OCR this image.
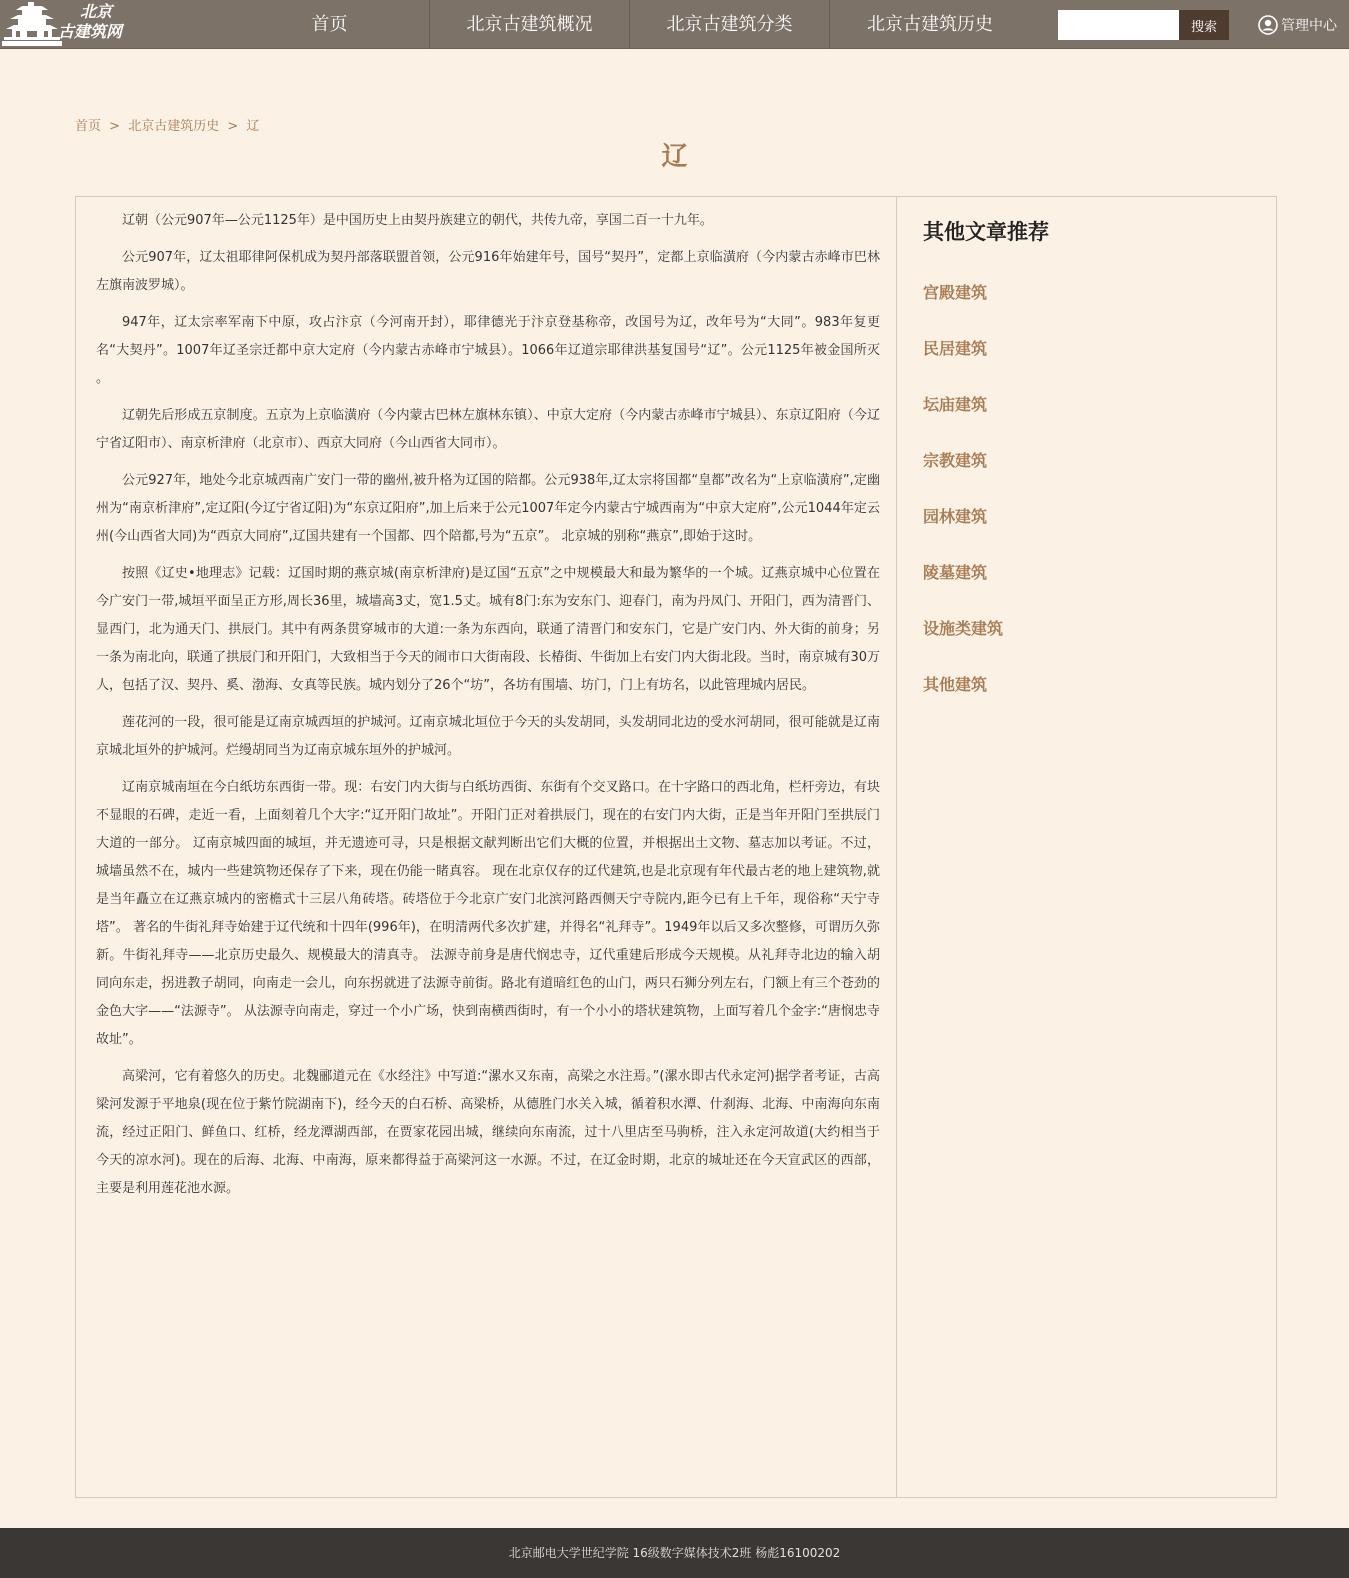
北京
古建筑网	首页	北京古建筑概况	北京古建筑分类	北京古建筑历史	搜索	管理中心
首页 > 北京古建筑历史 > 辽
辽

辽朝（公元907年—公元1125年）是中国历史上由契丹族建立的朝代，共传九帝，享国二百一十九年。

公元907年，辽太祖耶律阿保机成为契丹部落联盟首领，公元916年始建年号，国号“契丹”，定都上京临潢府（今内蒙古赤峰市巴林左旗南波罗城）。

947年，辽太宗率军南下中原，攻占汴京（今河南开封），耶律德光于汴京登基称帝，改国号为辽，改年号为“大同”。983年复更名“大契丹”。1007年辽圣宗迁都中京大定府（今内蒙古赤峰市宁城县）。1066年辽道宗耶律洪基复国号“辽”。公元1125年被金国所灭 。

辽朝先后形成五京制度。五京为上京临潢府（今内蒙古巴林左旗林东镇）、中京大定府（今内蒙古赤峰市宁城县）、东京辽阳府（今辽宁省辽阳市）、南京析津府（北京市）、西京大同府（今山西省大同市）。

公元927年，地处今北京城西南广安门一带的幽州,被升格为辽国的陪都。公元938年,辽太宗将国都“皇都”改名为“上京临潢府”,定幽州为“南京析津府”,定辽阳(今辽宁省辽阳)为“东京辽阳府”,加上后来于公元1007年定今内蒙古宁城西南为“中京大定府”,公元1044年定云州(今山西省大同)为“西京大同府”,辽国共建有一个国都、四个陪都,号为“五京”。 北京城的别称“燕京”,即始于这时。

按照《辽史•地理志》记载：辽国时期的燕京城(南京析津府)是辽国“五京”之中规模最大和最为繁华的一个城。辽燕京城中心位置在今广安门一带,城垣平面呈正方形,周长36里，城墙高3丈，宽1.5丈。城有8门:东为安东门、迎春门，南为丹凤门、开阳门，西为清晋门、显西门，北为通天门、拱辰门。其中有两条贯穿城市的大道:一条为东西向，联通了清晋门和安东门，它是广安门内、外大街的前身；另一条为南北向，联通了拱辰门和开阳门，大致相当于今天的闹市口大街南段、长椿街、牛街加上右安门内大街北段。当时，南京城有30万人，包括了汉、契丹、奚、渤海、女真等民族。城内划分了26个“坊”，各坊有围墙、坊门，门上有坊名，以此管理城内居民。

莲花河的一段，很可能是辽南京城西垣的护城河。辽南京城北垣位于今天的头发胡同，头发胡同北边的受水河胡同，很可能就是辽南京城北垣外的护城河。烂缦胡同当为辽南京城东垣外的护城河。

辽南京城南垣在今白纸坊东西街一带。现：右安门内大街与白纸坊西街、东街有个交叉路口。在十字路口的西北角，栏杆旁边，有块不显眼的石碑，走近一看，上面刻着几个大字:“辽开阳门故址”。开阳门正对着拱辰门，现在的右安门内大街，正是当年开阳门至拱辰门大道的一部分。 辽南京城四面的城垣，并无遗迹可寻，只是根据文献判断出它们大概的位置，并根据出土文物、墓志加以考证。不过，城墙虽然不在，城内一些建筑物还保存了下来，现在仍能一睹真容。 现在北京仅存的辽代建筑,也是北京现有年代最古老的地上建筑物,就是当年矗立在辽燕京城内的密檐式十三层八角砖塔。砖塔位于今北京广安门北滨河路西侧天宁寺院内,距今已有上千年，现俗称“天宁寺塔”。 著名的牛街礼拜寺始建于辽代统和十四年(996年)，在明清两代多次扩建，并得名“礼拜寺”。1949年以后又多次整修，可谓历久弥新。牛街礼拜寺——北京历史最久、规模最大的清真寺。 法源寺前身是唐代悯忠寺，辽代重建后形成今天规模。从礼拜寺北边的输入胡同向东走，拐进教子胡同，向南走一会儿，向东拐就进了法源寺前街。路北有道暗红色的山门，两只石狮分列左右，门额上有三个苍劲的金色大字——“法源寺”。 从法源寺向南走，穿过一个小广场，快到南横西街时，有一个小小的塔状建筑物，上面写着几个金字:“唐悯忠寺故址”。

高梁河，它有着悠久的历史。北魏郦道元在《水经注》中写道:“漯水又东南，高梁之水注焉。”(漯水即古代永定河)据学者考证，古高梁河发源于平地泉(现在位于紫竹院湖南下)，经今天的白石桥、高梁桥，从德胜门水关入城，循着积水潭、什刹海、北海、中南海向东南流，经过正阳门、鲜鱼口、红桥，经龙潭湖西部，在贾家花园出城，继续向东南流，过十八里店至马驹桥，注入永定河故道(大约相当于今天的凉水河)。现在的后海、北海、中南海，原来都得益于高梁河这一水源。不过，在辽金时期，北京的城址还在今天宣武区的西部，主要是利用莲花池水源。

其他文章推荐
宫殿建筑
民居建筑
坛庙建筑
宗教建筑
园林建筑
陵墓建筑
设施类建筑
其他建筑
北京邮电大学世纪学院 16级数字媒体技术2班 杨彪16100202
